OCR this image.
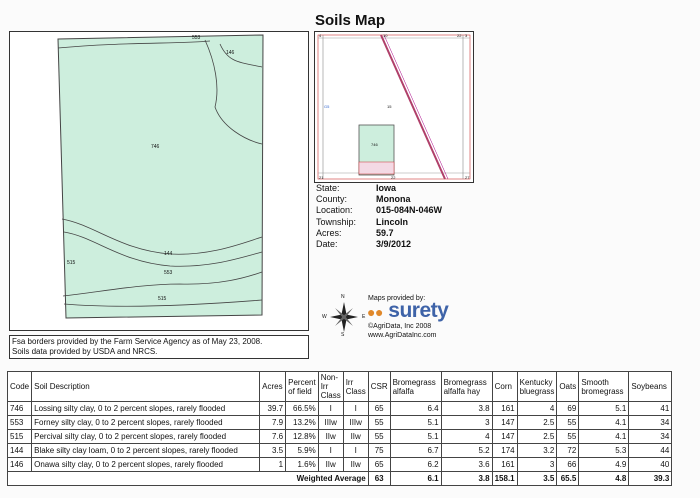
Soils Map
553
146
746
144
553
515
515
4	10	22 3
15
746
21	22	27
G5
State:	Iowa
County:	Monona
Location:	015-084N-046W
Township:	Lincoln
Acres:	59.7
Date:	3/9/2012
N
S
W	E
Maps provided by:
●● surety
©AgriData, Inc 2008
www.AgriDataInc.com
Fsa borders provided by the Farm Service Agency as of May 23, 2008.
Soils data provided by USDA and NRCS.
Code	Soil Description	Acres	Percent of field	Non-Irr Class	Irr Class	CSR	Bromegrass alfalfa	Bromegrass alfalfa hay	Corn	Kentucky bluegrass	Oats	Smooth bromegrass	Soybeans
746	Lossing silty clay, 0 to 2 percent slopes, rarely flooded	39.7	66.5%	I	I	65	6.4	3.8	161	4	69	5.1	41
553	Forney silty clay, 0 to 2 percent slopes, rarely flooded	7.9	13.2%	IIIw	IIIw	55	5.1	3	147	2.5	55	4.1	34
515	Percival silty clay, 0 to 2 percent slopes, rarely flooded	7.6	12.8%	IIw	IIw	55	5.1	4	147	2.5	55	4.1	34
144	Blake silty clay loam, 0 to 2 percent slopes, rarely flooded	3.5	5.9%	I	I	75	6.7	5.2	174	3.2	72	5.3	44
146	Onawa silty clay, 0 to 2 percent slopes, rarely flooded	1	1.6%	IIw	IIw	65	6.2	3.6	161	3	66	4.9	40
Weighted Average						63	6.1	3.8	158.1	3.5	65.5	4.8	39.3
